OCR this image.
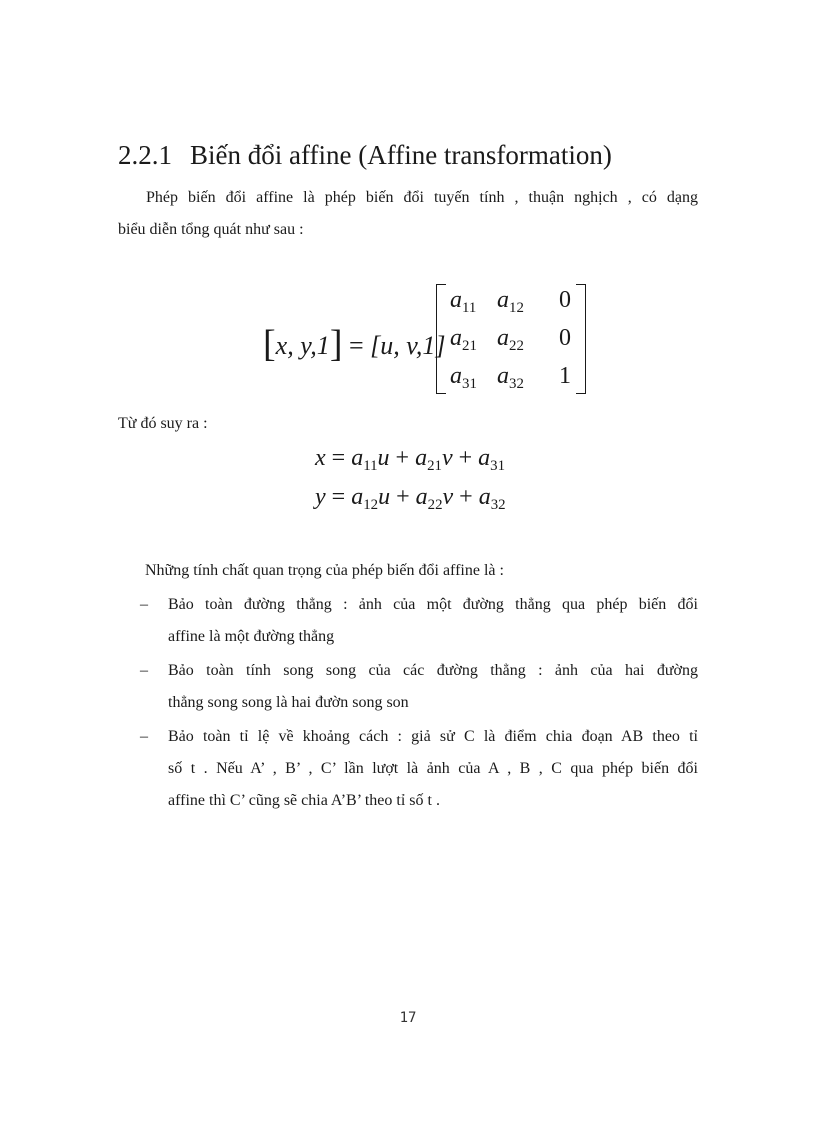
2.2.1 Biến đổi affine (Affine transformation)
Phép biến đổi affine là phép biến đổi tuyến tính , thuận nghịch , có dạng
biểu diễn tổng quát như sau :
[x, y,1] = [u, v,1]
$a_{11}$ $a_{12}$ 0
$a_{21}$ $a_{22}$ 0
$a_{31}$ $a_{32}$ 1
Từ đó suy ra :
$x = a_{11}u + a_{21}v + a_{31}$
$y = a_{12}u + a_{22}v + a_{32}$
Những tính chất quan trọng của phép biến đổi affine là :
– Bảo toàn đường thẳng : ảnh của một đường thẳng qua phép biến đổi
affine là một đường thẳng
– Bảo toàn tính song song của các đường thẳng : ảnh của hai đường
thẳng song song là hai đườn song son
– Bảo toàn tỉ lệ về khoảng cách : giả sử C là điểm chia đoạn AB theo tỉ
số t . Nếu A’ , B’ , C’ lần lượt là ảnh của A , B , C qua phép biến đổi
affine thì C’ cũng sẽ chia A’B’ theo tỉ số t .
17
